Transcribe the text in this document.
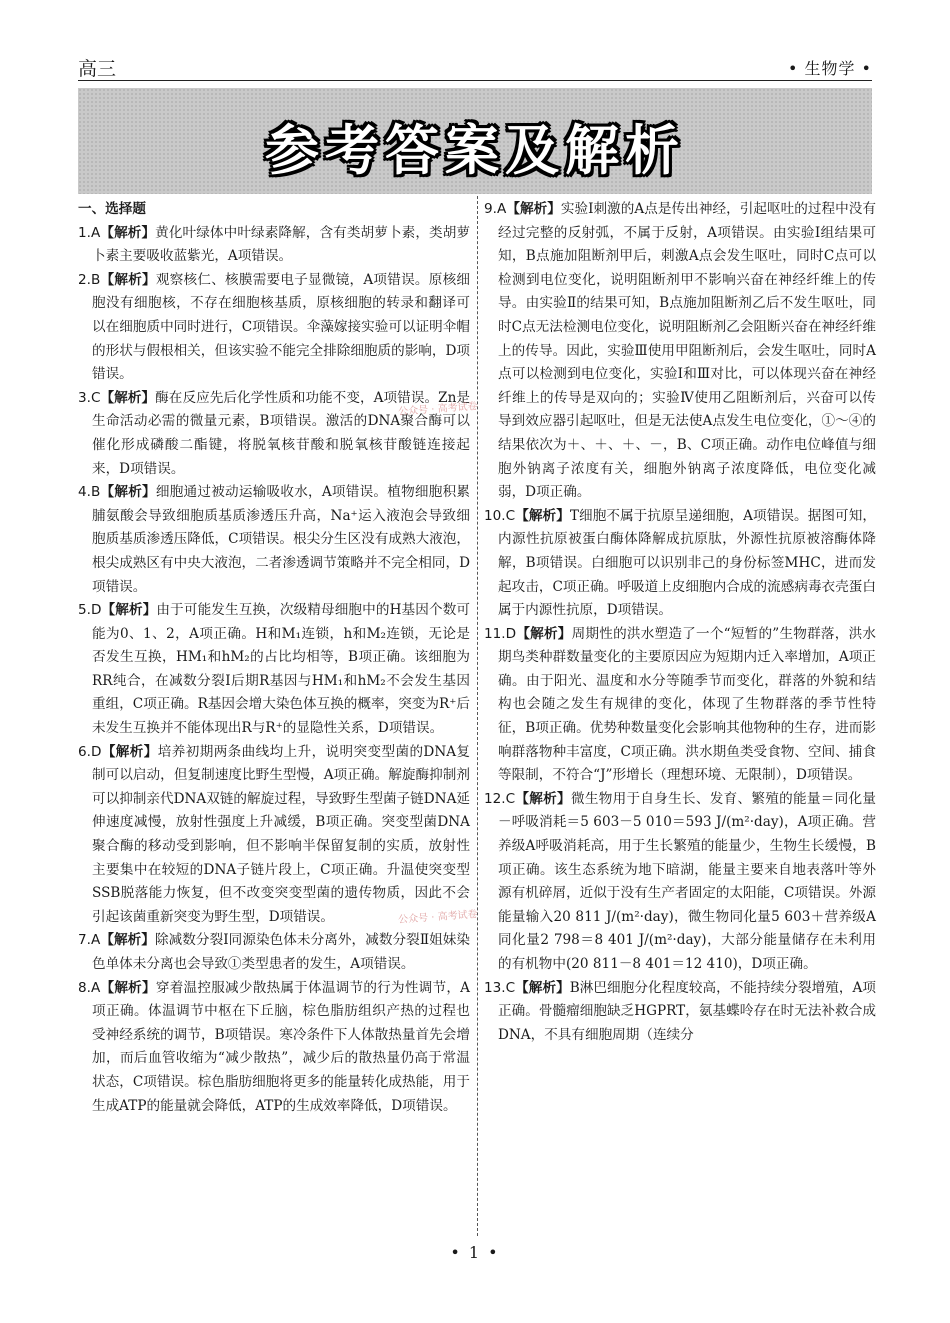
高三	• 生物学 •
参考答案及解析
一、选择题

1.A【解析】黄化叶绿体中叶绿素降解，含有类胡萝卜素，类胡萝卜素主要吸收蓝紫光，A项错误。

2.B【解析】观察核仁、核膜需要电子显微镜，A项错误。原核细胞没有细胞核，不存在细胞核基质，原核细胞的转录和翻译可以在细胞质中同时进行，C项错误。伞藻嫁接实验可以证明伞帽的形状与假根相关，但该实验不能完全排除细胞质的影响，D项错误。

3.C【解析】酶在反应先后化学性质和功能不变，A项错误。Zn是生命活动必需的微量元素，B项错误。激活的DNA聚合酶可以催化形成磷酸二酯键，将脱氧核苷酸和脱氧核苷酸链连接起来，D项错误。

4.B【解析】细胞通过被动运输吸收水，A项错误。植物细胞积累脯氨酸会导致细胞质基质渗透压升高，Na⁺运入液泡会导致细胞质基质渗透压降低，C项错误。根尖分生区没有成熟大液泡，根尖成熟区有中央大液泡，二者渗透调节策略并不完全相同，D项错误。

5.D【解析】由于可能发生互换，次级精母细胞中的H基因个数可能为0、1、2，A项正确。H和M₁连锁，h和M₂连锁，无论是否发生互换，HM₁和hM₂的占比均相等，B项正确。该细胞为RR纯合，在减数分裂Ⅰ后期R基因与HM₁和hM₂不会发生基因重组，C项正确。R基因会增大染色体互换的概率，突变为R⁺后未发生互换并不能体现出R与R⁺的显隐性关系，D项错误。

6.D【解析】培养初期两条曲线均上升，说明突变型菌的DNA复制可以启动，但复制速度比野生型慢，A项正确。解旋酶抑制剂可以抑制亲代DNA双链的解旋过程，导致野生型菌子链DNA延伸速度减慢，放射性强度上升减缓，B项正确。突变型菌DNA聚合酶的移动受到影响，但不影响半保留复制的实质，放射性主要集中在较短的DNA子链片段上，C项正确。升温使突变型SSB脱落能力恢复，但不改变突变型菌的遗传物质，因此不会引起该菌重新突变为野生型，D项错误。

7.A【解析】除减数分裂Ⅰ同源染色体未分离外，减数分裂Ⅱ姐妹染色单体未分离也会导致①类型患者的发生，A项错误。

8.A【解析】穿着温控服减少散热属于体温调节的行为性调节，A项正确。体温调节中枢在下丘脑，棕色脂肪组织产热的过程也受神经系统的调节，B项错误。寒冷条件下人体散热量首先会增加，而后血管收缩为“减少散热”，减少后的散热量仍高于常温状态，C项错误。棕色脂肪细胞将更多的能量转化成热能，用于生成ATP的能量就会降低，ATP的生成效率降低，D项错误。

9.A【解析】实验Ⅰ刺激的A点是传出神经，引起呕吐的过程中没有经过完整的反射弧，不属于反射，A项错误。由实验Ⅰ组结果可知，B点施加阻断剂甲后，刺激A点会发生呕吐，同时C点可以检测到电位变化，说明阻断剂甲不影响兴奋在神经纤维上的传导。由实验Ⅱ的结果可知，B点施加阻断剂乙后不发生呕吐，同时C点无法检测电位变化，说明阻断剂乙会阻断兴奋在神经纤维上的传导。因此，实验Ⅲ使用甲阻断剂后，会发生呕吐，同时A点可以检测到电位变化，实验Ⅰ和Ⅲ对比，可以体现兴奋在神经纤维上的传导是双向的；实验Ⅳ使用乙阻断剂后，兴奋可以传导到效应器引起呕吐，但是无法使A点发生电位变化，①～④的结果依次为＋、＋、＋、－，B、C项正确。动作电位峰值与细胞外钠离子浓度有关，细胞外钠离子浓度降低，电位变化减弱，D项正确。

10.C【解析】T细胞不属于抗原呈递细胞，A项错误。据图可知，内源性抗原被蛋白酶体降解成抗原肽，外源性抗原被溶酶体降解，B项错误。白细胞可以识别非己的身份标签MHC，进而发起攻击，C项正确。呼吸道上皮细胞内合成的流感病毒衣壳蛋白属于内源性抗原，D项错误。

11.D【解析】周期性的洪水塑造了一个“短暂的”生物群落，洪水期鸟类种群数量变化的主要原因应为短期内迁入率增加，A项正确。由于阳光、温度和水分等随季节而变化，群落的外貌和结构也会随之发生有规律的变化，体现了生物群落的季节性特征，B项正确。优势种数量变化会影响其他物种的生存，进而影响群落物种丰富度，C项正确。洪水期鱼类受食物、空间、捕食等限制，不符合“J”形增长（理想环境、无限制），D项错误。

12.C【解析】微生物用于自身生长、发育、繁殖的能量＝同化量－呼吸消耗＝5 603－5 010＝593 J/(m²·day)，A项正确。营养级A呼吸消耗高，用于生长繁殖的能量少，生物生长缓慢，B项正确。该生态系统为地下暗湖，能量主要来自地表落叶等外源有机碎屑，近似于没有生产者固定的太阳能，C项错误。外源能量输入20 811 J/(m²·day)，微生物同化量5 603＋营养级A同化量2 798＝8 401 J/(m²·day)，大部分能量储存在未利用的有机物中(20 811－8 401＝12 410)，D项正确。

13.C【解析】B淋巴细胞分化程度较高，不能持续分裂增殖，A项正确。骨髓瘤细胞缺乏HGPRT，氨基蝶呤存在时无法补救合成DNA，不具有细胞周期（连续分

公众号 · 高考试卷
公众号 · 高考试卷
• 1 •
